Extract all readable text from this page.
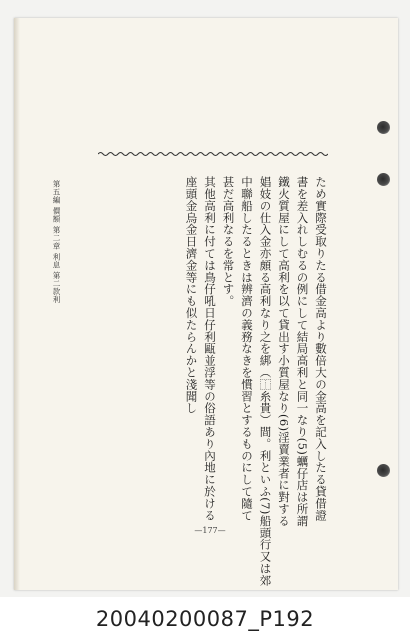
第五編 價額 第二章 利息 第二款利	ため實際受取りたる借金高より數倍大の金高を記入したる貸借證
書を差入れしむるの例にして結局高利と同一なり(5)蠣仔店は所謂
鐵火質屋にして高利を以て貸出す小質屋なり(6)淫賣業者に對する
娼妓の仕入金亦頗る高利なり之を綁（⿰糸貴）間。利といふ(7)船頭行又は郊
中聯船したるときは辨濟の義務なきを慣習とするものにして隨て
甚だ高利なるを常とす。
其他高利に付ては鳥仔吼日仔利甌並浮等の俗語あり內地に於ける
座頭金烏金日濟金等にも似たらんかと淺聞し
—177—
20040200087_P192
